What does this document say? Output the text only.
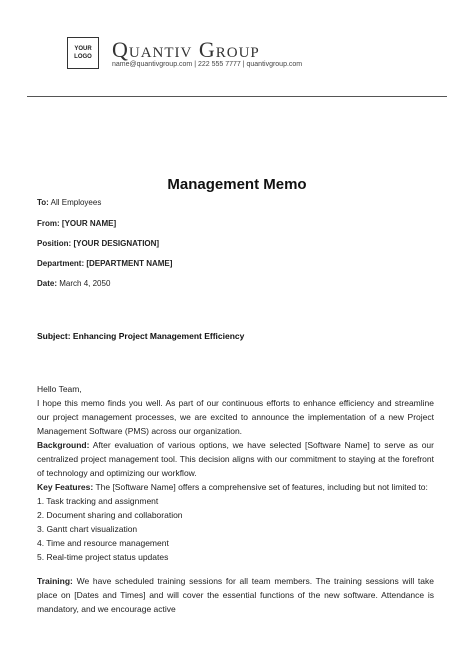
YOUR
LOGO Quantiv Group
name@quantivgroup.com | 222 555 7777 | quantivgroup.com
Management Memo
To: All Employees
From: [YOUR NAME]
Position: [YOUR DESIGNATION]
Department: [DEPARTMENT NAME]
Date: March 4, 2050
Subject: Enhancing Project Management Efficiency
Hello Team,
I hope this memo finds you well. As part of our continuous efforts to enhance efficiency and streamline our project management processes, we are excited to announce the implementation of a new Project Management Software (PMS) across our organization.
Background: After evaluation of various options, we have selected [Software Name] to serve as our centralized project management tool. This decision aligns with our commitment to staying at the forefront of technology and optimizing our workflow.
Key Features: The [Software Name] offers a comprehensive set of features, including but not limited to:
1. Task tracking and assignment
2. Document sharing and collaboration
3. Gantt chart visualization
4. Time and resource management
5. Real-time project status updates
Training: We have scheduled training sessions for all team members. The training sessions will take place on [Dates and Times] and will cover the essential functions of the new software. Attendance is mandatory, and we encourage active
